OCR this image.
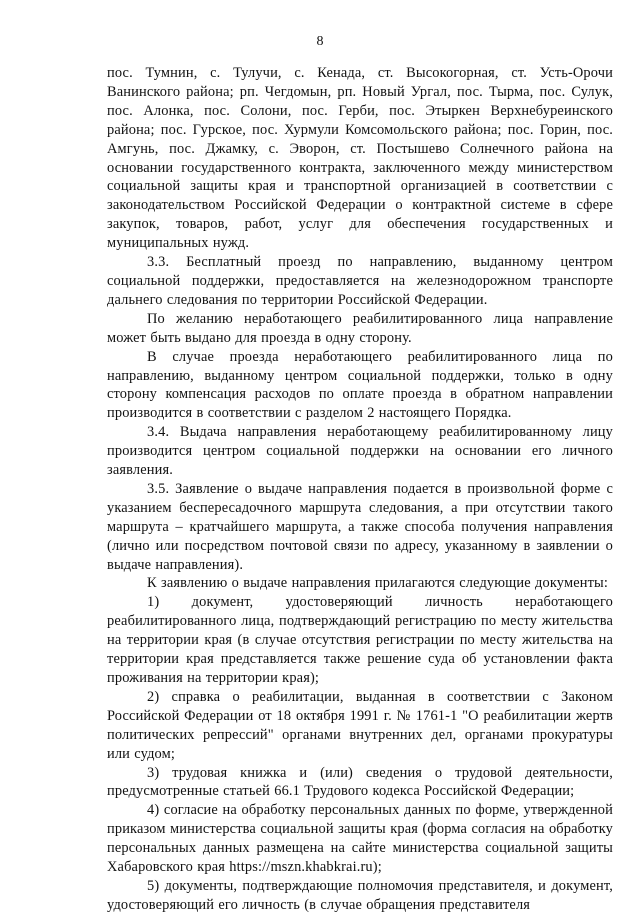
8

пос. Тумнин, с. Тулучи, с. Кенада, ст. Высокогорная, ст. Усть-Орочи Ванинского района; рп. Чегдомын, рп. Новый Ургал, пос. Тырма, пос. Сулук, пос. Алонка, пос. Солони, пос. Герби, пос. Этыркен Верхнебуреинского района; пос. Гурское, пос. Хурмули Комсомольского района; пос. Горин, пос. Амгунь, пос. Джамку, с. Эворон, ст. Постышево Солнечного района на основании государственного контракта, заключенного между министерством социальной защиты края и транспортной организацией в соответствии с законодательством Российской Федерации о контрактной системе в сфере закупок, товаров, работ, услуг для обеспечения государственных и муниципальных нужд.

3.3. Бесплатный проезд по направлению, выданному центром социальной поддержки, предоставляется на железнодорожном транспорте дальнего следования по территории Российской Федерации.

По желанию неработающего реабилитированного лица направление может быть выдано для проезда в одну сторону.

В случае проезда неработающего реабилитированного лица по направлению, выданному центром социальной поддержки, только в одну сторону компенсация расходов по оплате проезда в обратном направлении производится в соответствии с разделом 2 настоящего Порядка.

3.4. Выдача направления неработающему реабилитированному лицу производится центром социальной поддержки на основании его личного заявления.

3.5. Заявление о выдаче направления подается в произвольной форме с указанием беспересадочного маршрута следования, а при отсутствии такого маршрута – кратчайшего маршрута, а также способа получения направления (лично или посредством почтовой связи по адресу, указанному в заявлении о выдаче направления).

К заявлению о выдаче направления прилагаются следующие документы:

1) документ, удостоверяющий личность неработающего реабилитированного лица, подтверждающий регистрацию по месту жительства на территории края (в случае отсутствия регистрации по месту жительства на территории края представляется также решение суда об установлении факта проживания на территории края);

2) справка о реабилитации, выданная в соответствии с Законом Российской Федерации от 18 октября 1991 г. № 1761-1 "О реабилитации жертв политических репрессий" органами внутренних дел, органами прокуратуры или судом;

3) трудовая книжка и (или) сведения о трудовой деятельности, предусмотренные статьей 66.1 Трудового кодекса Российской Федерации;

4) согласие на обработку персональных данных по форме, утвержденной приказом министерства социальной защиты края (форма согласия на обработку персональных данных размещена на сайте министерства социальной защиты Хабаровского края https://mszn.khabkrai.ru);

5) документы, подтверждающие полномочия представителя, и документ, удостоверяющий его личность (в случае обращения представителя
